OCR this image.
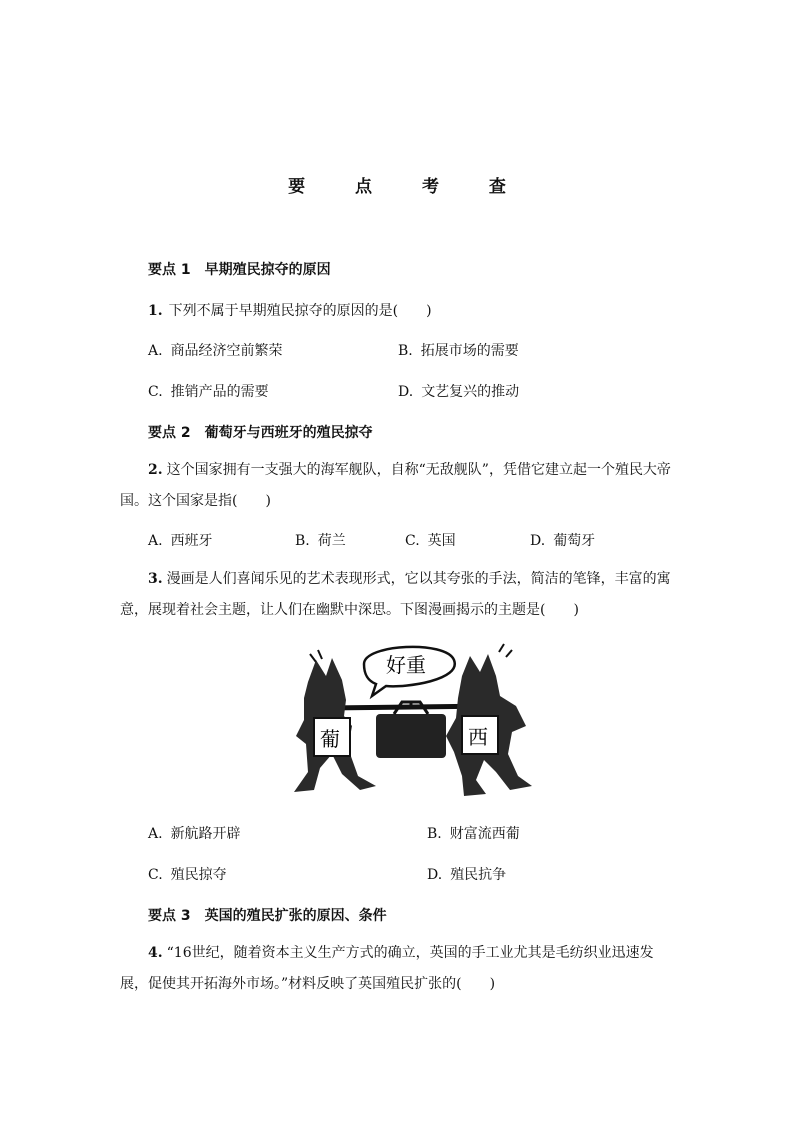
要 点 考 查
要点 1 早期殖民掠夺的原因
1. 下列不属于早期殖民掠夺的原因的是(　　)
A. 商品经济空前繁荣	B. 拓展市场的需要
C. 推销产品的需要	D. 文艺复兴的推动
要点 2 葡萄牙与西班牙的殖民掠夺
2. 这个国家拥有一支强大的海军舰队，自称“无敌舰队”，凭借它建立起一个殖民大帝国。这个国家是指(　　)
A. 西班牙	B. 荷兰	C. 英国	D. 葡萄牙
3. 漫画是人们喜闻乐见的艺术表现形式，它以其夸张的手法，简洁的笔锋，丰富的寓意，展现着社会主题，让人们在幽默中深思。下图漫画揭示的主题是(　　)
好重
葡	西
A. 新航路开辟	B. 财富流西葡
C. 殖民掠夺	D. 殖民抗争
要点 3 英国的殖民扩张的原因、条件
4. “16世纪，随着资本主义生产方式的确立，英国的手工业尤其是毛纺织业迅速发展，促使其开拓海外市场。”材料反映了英国殖民扩张的(　　)
